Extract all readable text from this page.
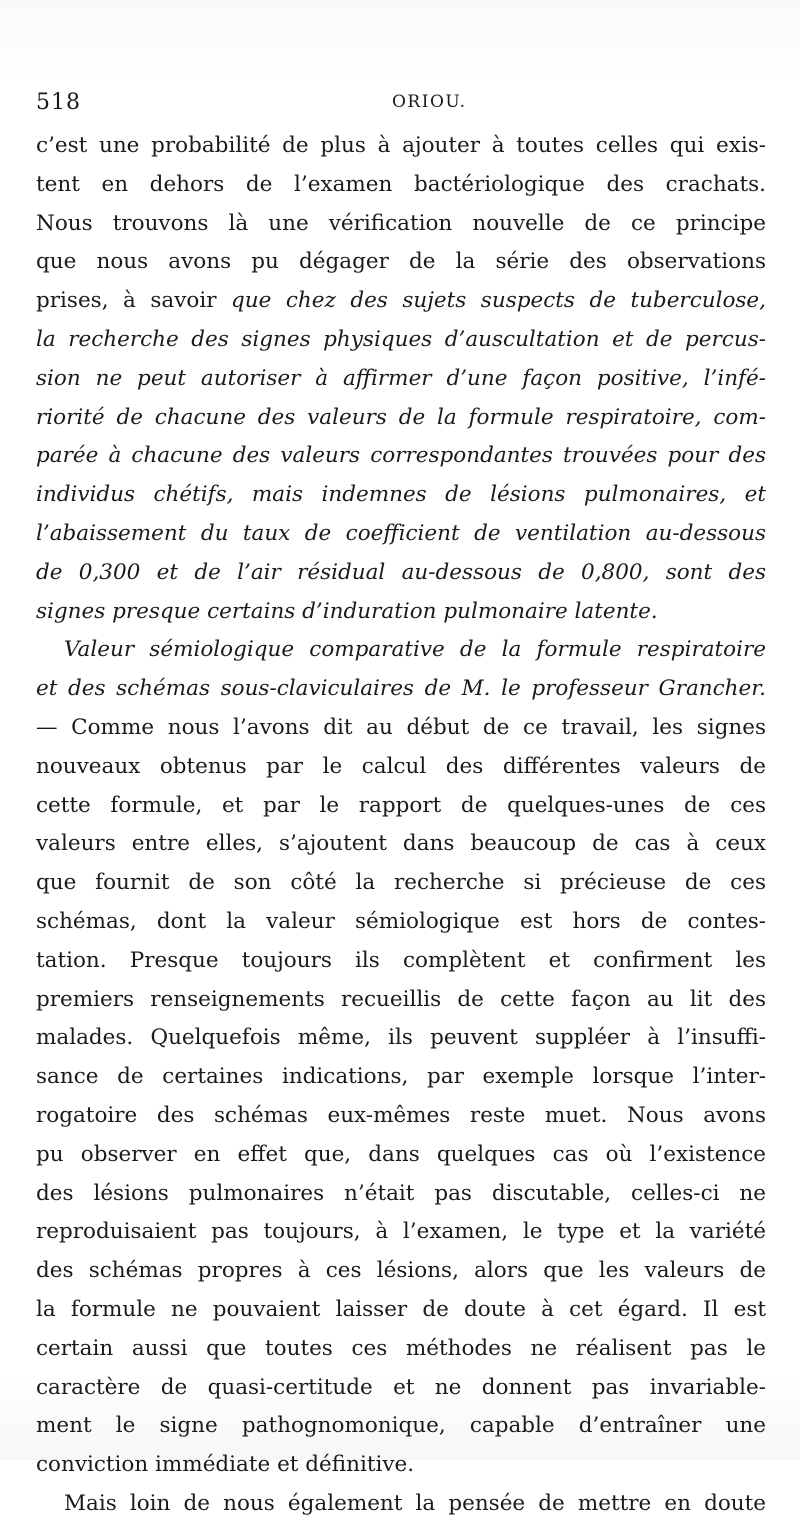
518	ORIOU.
c’est une probabilité de plus à ajouter à toutes celles qui exis-
tent en dehors de l’examen bactériologique des crachats.
Nous trouvons là une vérification nouvelle de ce principe
que nous avons pu dégager de la série des observations
prises, à savoir que chez des sujets suspects de tuberculose,
la recherche des signes physiques d’auscultation et de percus-
sion ne peut autoriser à affirmer d’une façon positive, l’infé-
riorité de chacune des valeurs de la formule respiratoire, com-
parée à chacune des valeurs correspondantes trouvées pour des
individus chétifs, mais indemnes de lésions pulmonaires, et
l’abaissement du taux de coefficient de ventilation au-dessous
de 0,300 et de l’air résidual au-dessous de 0,800, sont des
signes presque certains d’induration pulmonaire latente.
Valeur sémiologique comparative de la formule respiratoire
et des schémas sous-claviculaires de M. le professeur Grancher.
— Comme nous l’avons dit au début de ce travail, les signes
nouveaux obtenus par le calcul des différentes valeurs de
cette formule, et par le rapport de quelques-unes de ces
valeurs entre elles, s’ajoutent dans beaucoup de cas à ceux
que fournit de son côté la recherche si précieuse de ces
schémas, dont la valeur sémiologique est hors de contes-
tation. Presque toujours ils complètent et confirment les
premiers renseignements recueillis de cette façon au lit des
malades. Quelquefois même, ils peuvent suppléer à l’insuffi-
sance de certaines indications, par exemple lorsque l’inter-
rogatoire des schémas eux-mêmes reste muet. Nous avons
pu observer en effet que, dans quelques cas où l’existence
des lésions pulmonaires n’était pas discutable, celles-ci ne
reproduisaient pas toujours, à l’examen, le type et la variété
des schémas propres à ces lésions, alors que les valeurs de
la formule ne pouvaient laisser de doute à cet égard. Il est
certain aussi que toutes ces méthodes ne réalisent pas le
caractère de quasi-certitude et ne donnent pas invariable-
ment le signe pathognomonique, capable d’entraîner une
conviction immédiate et définitive.
Mais loin de nous également la pensée de mettre en doute
